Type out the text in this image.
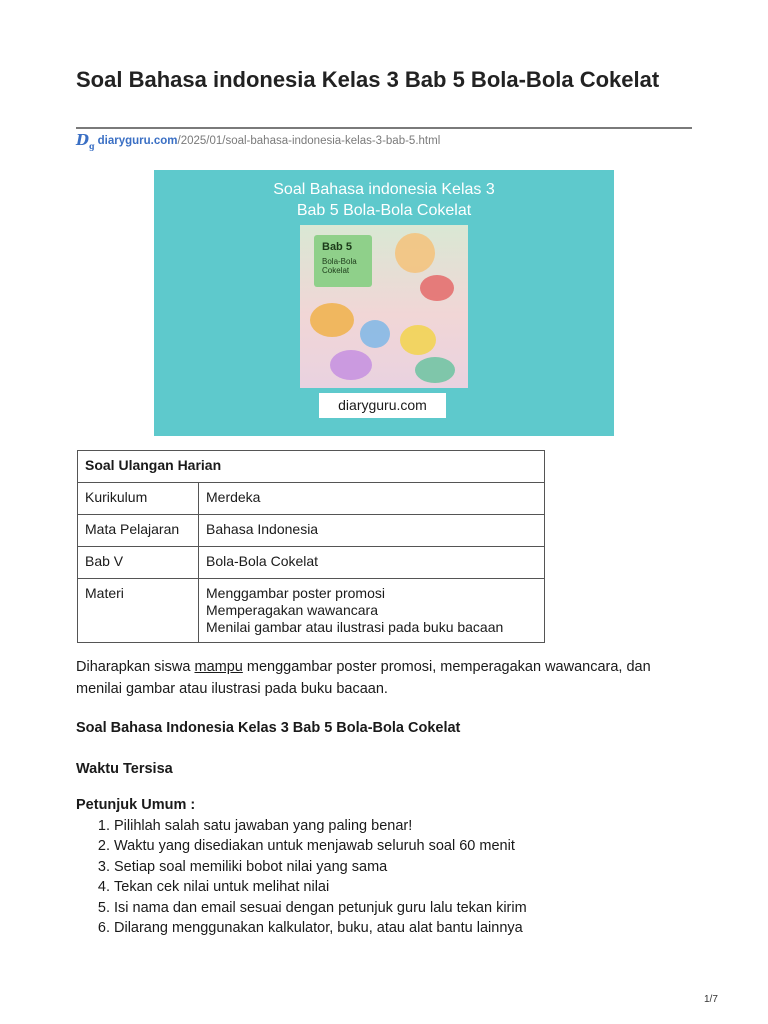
Soal Bahasa indonesia Kelas 3 Bab 5 Bola-Bola Cokelat
$D_g$ diaryguru.com /2025/01/soal-bahasa-indonesia-kelas-3-bab-5.html
Soal Bahasa indonesia Kelas 3
Bab 5 Bola-Bola Cokelat
Bab 5
Bola-Bola Cokelat
diaryguru.com
Soal Ulangan Harian	
Kurikulum	Merdeka
Mata Pelajaran	Bahasa Indonesia
Bab V	Bola-Bola Cokelat
Materi	Menggambar poster promosi
Memperagakan wawancara
Menilai gambar atau ilustrasi pada buku bacaan

Diharapkan siswa mampu menggambar poster promosi, memperagakan wawancara, dan menilai gambar atau ilustrasi pada buku bacaan.

Soal Bahasa Indonesia Kelas 3 Bab 5 Bola-Bola Cokelat
Waktu Tersisa
Petunjuk Umum :
1. Pilihlah salah satu jawaban yang paling benar!
2. Waktu yang disediakan untuk menjawab seluruh soal 60 menit
3. Setiap soal memiliki bobot nilai yang sama
4. Tekan cek nilai untuk melihat nilai
5. Isi nama dan email sesuai dengan petunjuk guru lalu tekan kirim
6. Dilarang menggunakan kalkulator, buku, atau alat bantu lainnya
1/7
